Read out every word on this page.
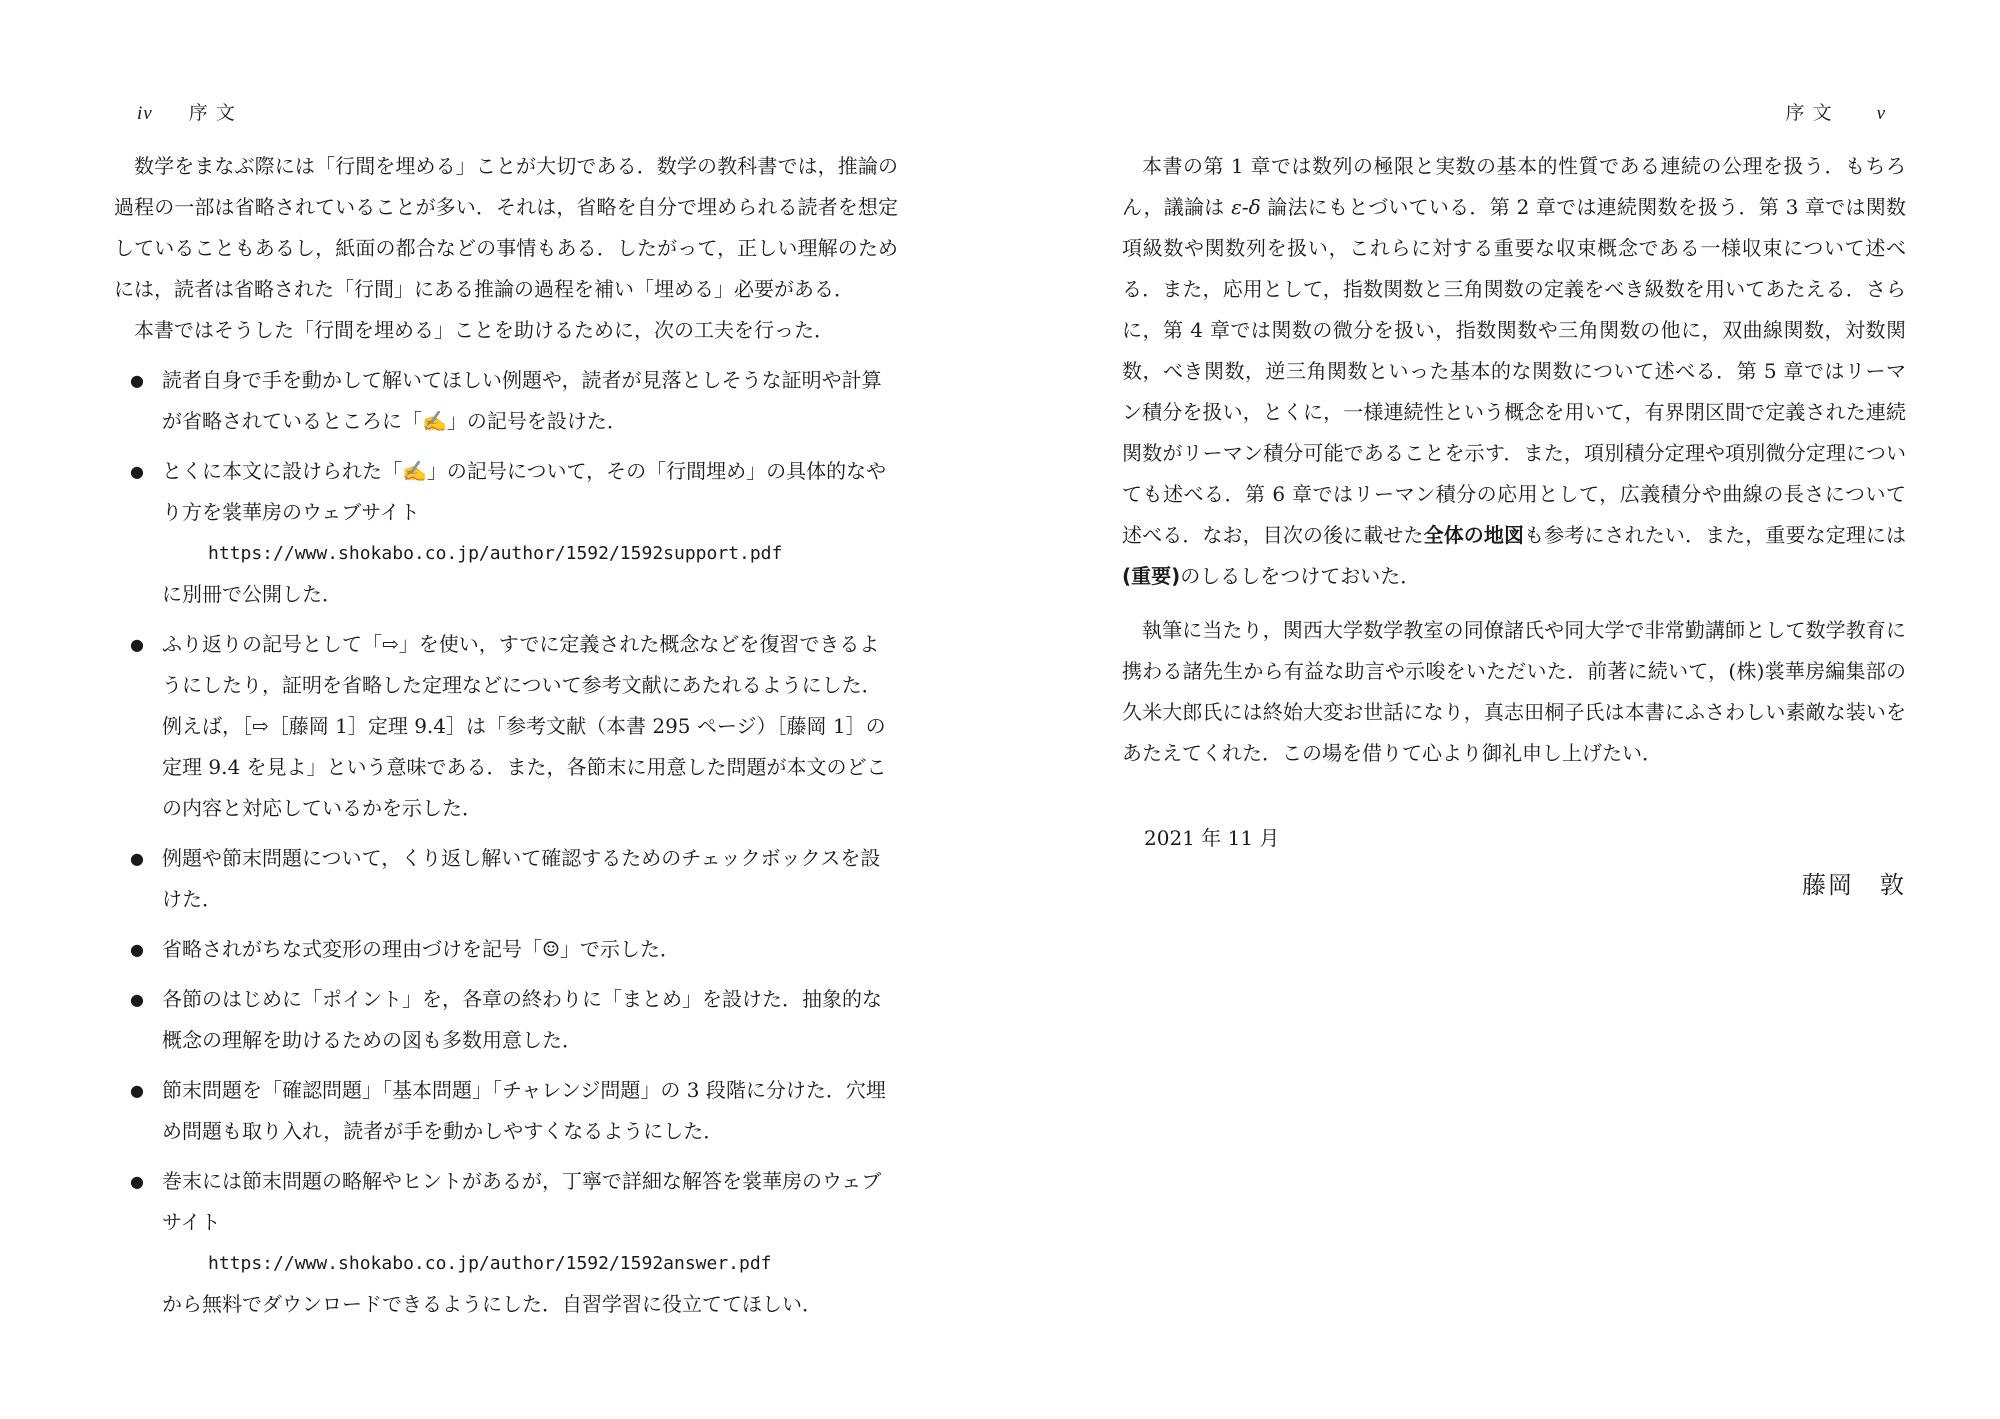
iv 序 文

数学をまなぶ際には「行間を埋める」ことが大切である．数学の教科書では，推論の過程の一部は省略されていることが多い．それは，省略を自分で埋められる読者を想定していることもあるし，紙面の都合などの事情もある．したがって，正しい理解のためには，読者は省略された「行間」にある推論の過程を補い「埋める」必要がある．

本書ではそうした「行間を埋める」ことを助けるために，次の工夫を行った．

● 読者自身で手を動かして解いてほしい例題や，読者が見落としそうな証明や計算が省略されているところに「✍」の記号を設けた．
● とくに本文に設けられた「✍」の記号について，その「行間埋め」の具体的なやり方を裳華房のウェブサイト
https://www.shokabo.co.jp/author/1592/1592support.pdf
に別冊で公開した．
● ふり返りの記号として「⇨」を使い，すでに定義された概念などを復習できるようにしたり，証明を省略した定理などについて参考文献にあたれるようにした．例えば，［⇨［藤岡 1］定理 9.4］は「参考文献（本書 295 ページ）［藤岡 1］の定理 9.4 を見よ」という意味である．また，各節末に用意した問題が本文のどこの内容と対応しているかを示した．
● 例題や節末問題について，くり返し解いて確認するためのチェックボックスを設けた．
● 省略されがちな式変形の理由づけを記号「☺」で示した．
● 各節のはじめに「ポイント」を，各章の終わりに「まとめ」を設けた．抽象的な概念の理解を助けるための図も多数用意した．
● 節末問題を「確認問題」「基本問題」「チャレンジ問題」の 3 段階に分けた．穴埋め問題も取り入れ，読者が手を動かしやすくなるようにした．
● 巻末には節末問題の略解やヒントがあるが，丁寧で詳細な解答を裳華房のウェブサイト
https://www.shokabo.co.jp/author/1592/1592answer.pdf
から無料でダウンロードできるようにした．自習学習に役立ててほしい．
序 文 v

本書の第 1 章では数列の極限と実数の基本的性質である連続の公理を扱う．もちろん，議論は ε-δ 論法にもとづいている．第 2 章では連続関数を扱う．第 3 章では関数項級数や関数列を扱い，これらに対する重要な収束概念である一様収束について述べる．また，応用として，指数関数と三角関数の定義をべき級数を用いてあたえる．さらに，第 4 章では関数の微分を扱い，指数関数や三角関数の他に，双曲線関数，対数関数，べき関数，逆三角関数といった基本的な関数について述べる．第 5 章ではリーマン積分を扱い，とくに，一様連続性という概念を用いて，有界閉区間で定義された連続関数がリーマン積分可能であることを示す．また，項別積分定理や項別微分定理についても述べる．第 6 章ではリーマン積分の応用として，広義積分や曲線の長さについて述べる．なお，目次の後に載せた全体の地図も参考にされたい．また，重要な定理には(重要)のしるしをつけておいた．

執筆に当たり，関西大学数学教室の同僚諸氏や同大学で非常勤講師として数学教育に携わる諸先生から有益な助言や示唆をいただいた．前著に続いて，(株)裳華房編集部の久米大郎氏には終始大変お世話になり，真志田桐子氏は本書にふさわしい素敵な装いをあたえてくれた．この場を借りて心より御礼申し上げたい．

2021 年 11 月

藤岡　敦
